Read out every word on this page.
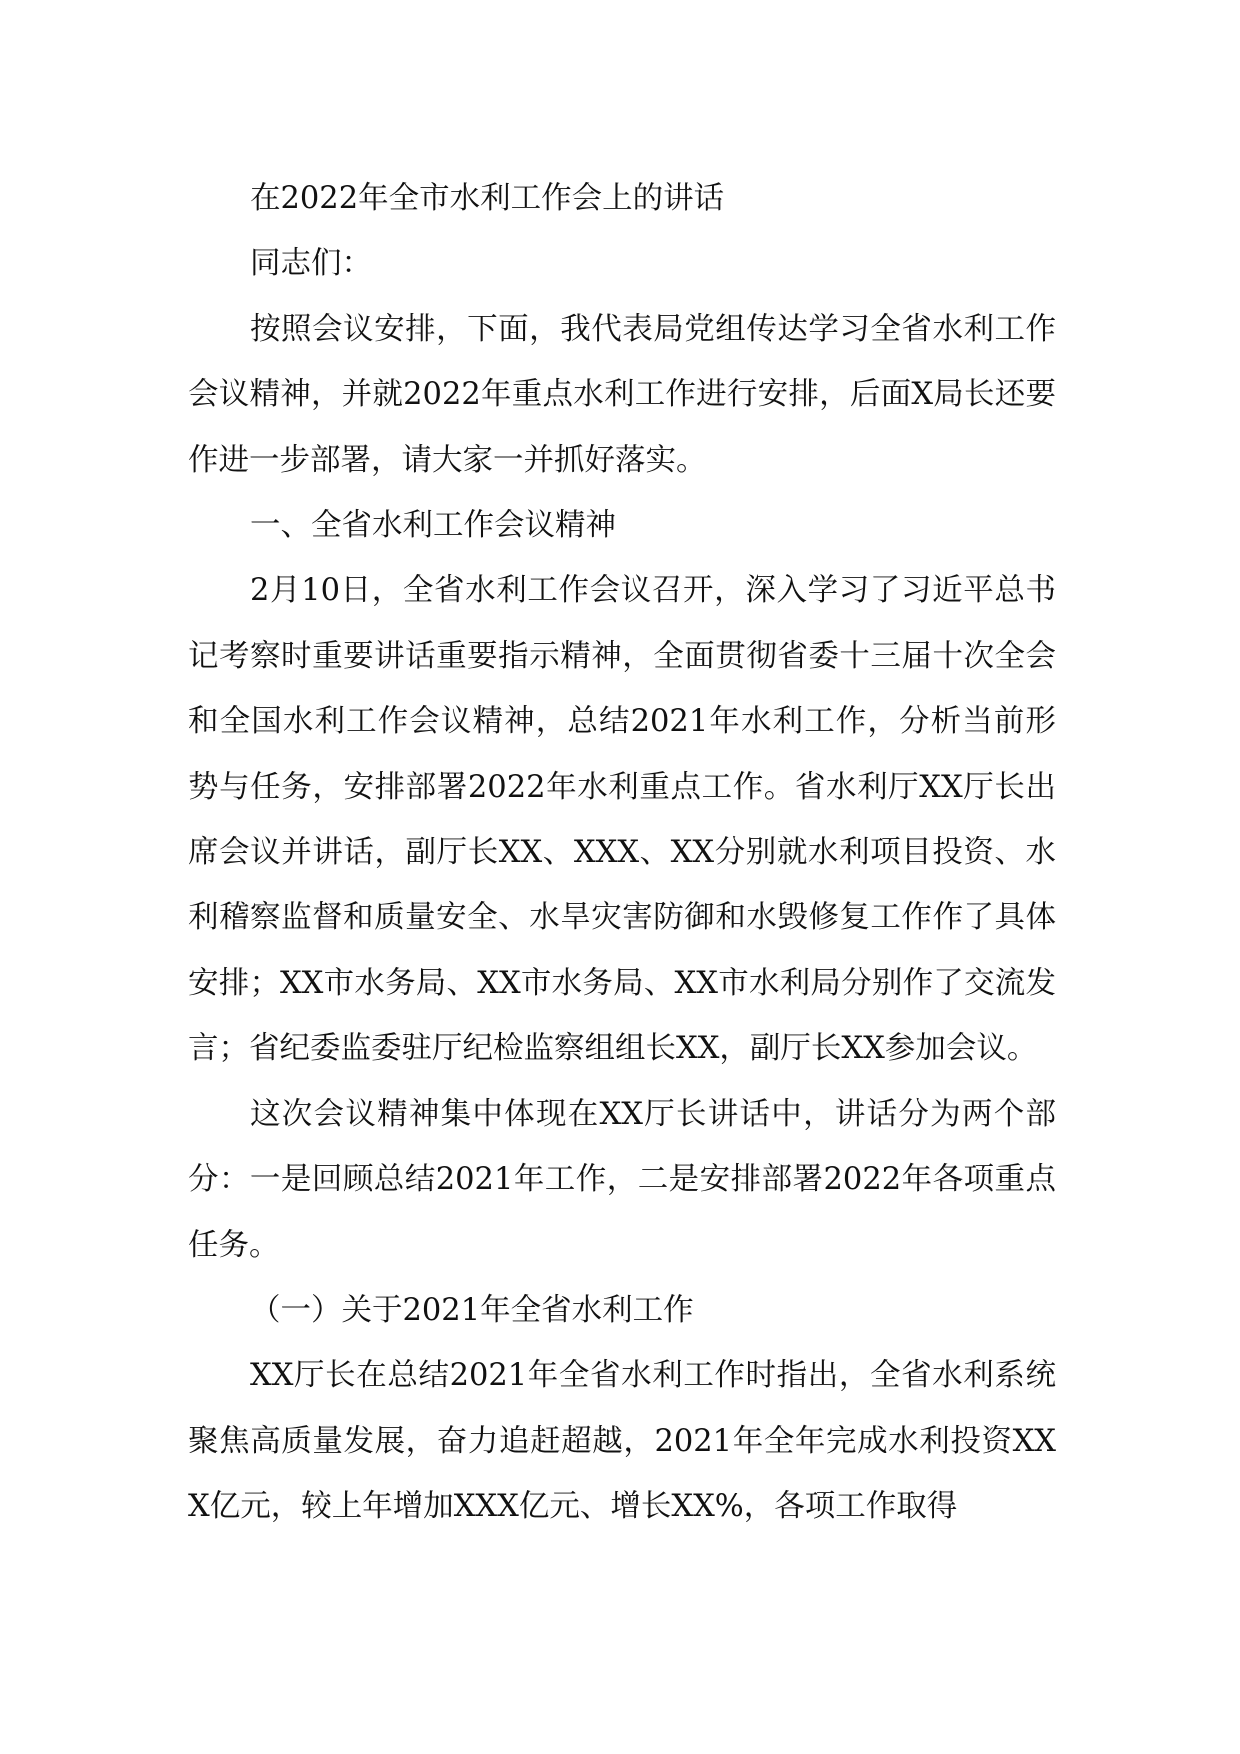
在2022年全市水利工作会上的讲话

同志们：

按照会议安排，下面，我代表局党组传达学习全省水利工作会议精神，并就2022年重点水利工作进行安排，后面X局长还要作进一步部署，请大家一并抓好落实。

一、全省水利工作会议精神

2月10日，全省水利工作会议召开，深入学习了习近平总书记考察时重要讲话重要指示精神，全面贯彻省委十三届十次全会和全国水利工作会议精神，总结2021年水利工作，分析当前形势与任务，安排部署2022年水利重点工作。省水利厅XX厅长出席会议并讲话，副厅长XX、XXX、XX分别就水利项目投资、水利稽察监督和质量安全、水旱灾害防御和水毁修复工作作了具体安排；XX市水务局、XX市水务局、XX市水利局分别作了交流发言；省纪委监委驻厅纪检监察组组长XX，副厅长XX参加会议。

这次会议精神集中体现在XX厅长讲话中，讲话分为两个部分：一是回顾总结2021年工作，二是安排部署2022年各项重点任务。

（一）关于2021年全省水利工作

XX厅长在总结2021年全省水利工作时指出，全省水利系统聚焦高质量发展，奋力追赶超越，2021年全年完成水利投资XXX亿元，较上年增加XXX亿元、增长XX%，各项工作取得
